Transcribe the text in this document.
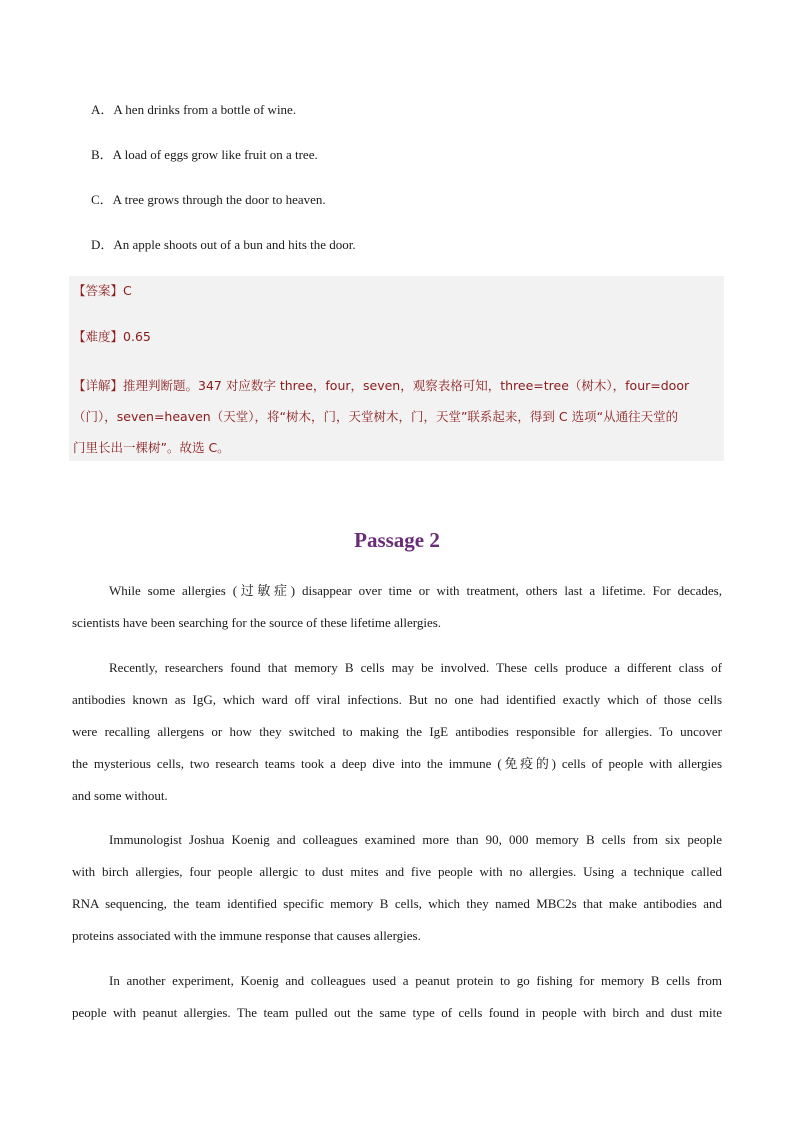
A．A hen drinks from a bottle of wine.
B．A load of eggs grow like fruit on a tree.
C．A tree grows through the door to heaven.
D．An apple shoots out of a bun and hits the door.
【答案】C
【难度】0.65
【详解】推理判断题。347 对应数字 three，four，seven，观察表格可知，three=tree（树木），four=door
（门），seven=heaven（天堂），将“树木，门，天堂树木，门，天堂”联系起来，得到 C 选项“从通往天堂的
门里长出一棵树”。故选 C。
Passage 2
While some allergies (过敏症) disappear over time or with treatment, others last a lifetime. For decades,
scientists have been searching for the source of these lifetime allergies.
Recently, researchers found that memory B cells may be involved. These cells produce a different class of
antibodies known as IgG, which ward off viral infections. But no one had identified exactly which of those cells
were recalling allergens or how they switched to making the IgE antibodies responsible for allergies. To uncover
the mysterious cells, two research teams took a deep dive into the immune (免疫的) cells of people with allergies
and some without.
Immunologist Joshua Koenig and colleagues examined more than 90, 000 memory B cells from six people
with birch allergies, four people allergic to dust mites and five people with no allergies. Using a technique called
RNA sequencing, the team identified specific memory B cells, which they named MBC2s that make antibodies and
proteins associated with the immune response that causes allergies.
In another experiment, Koenig and colleagues used a peanut protein to go fishing for memory B cells from
people with peanut allergies. The team pulled out the same type of cells found in people with birch and dust mite
